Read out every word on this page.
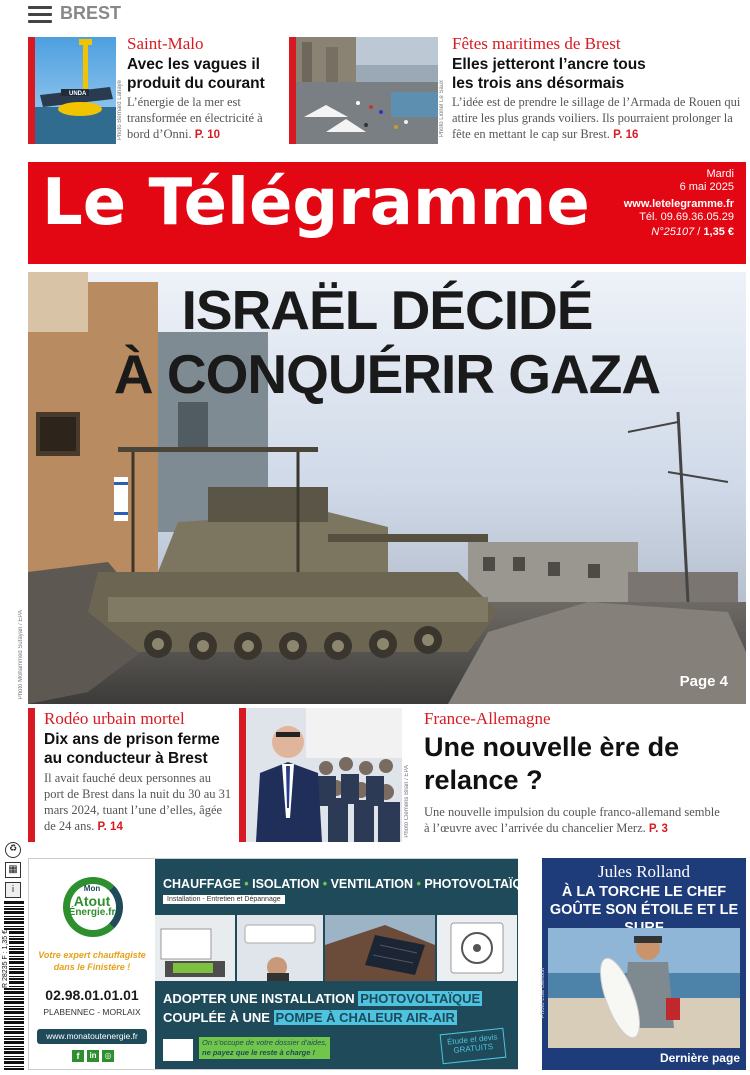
BREST
UNDA	Photo Bernard Lahaye
Saint-Malo
Avec les vagues il produit du courant
L’énergie de la mer est transformée en électricité à bord d’Onni. P. 10	Photo Lionel Le Saux
Fêtes maritimes de Brest
Elles jetteront l’ancre tous les trois ans désormais
L’idée est de prendre le sillage de l’Armada de Rouen qui attire les plus grands voiliers. Ils pourraient prolonger la fête en mettant le cap sur Brest. P. 16
Le Télégramme	Mardi
6 mai 2025
www.letelegramme.fr
Tél. 09.69.36.05.29
N°25107 / 1,35 €
ISRAËL DÉCIDÉ
À CONQUÉRIR GAZA
Page 4
Photo Mohammed Sufayan / EPA
Rodéo urbain mortel
Dix ans de prison ferme au conducteur à Brest
Il avait fauché deux personnes au port de Brest dans la nuit du 30 au 31 mars 2024, tuant l’une d’elles, âgée de 24 ans. P. 14	Photo Clemens Bilan / EPA
France-Allemagne
Une nouvelle ère de relance ?
Une nouvelle impulsion du couple franco-allemand semble à l’œuvre avec l’arrivée du chancelier Merz. P. 3
♻
▦
i
R 28235 F : 1,35 €
Mon
Atout
Énergie.fr
Votre expert chauffagiste dans le Finistère !
02.98.01.01.01
PLABENNEC - MORLAIX
www.monatoutenergie.fr
f	in ◎
CHAUFFAGE • ISOLATION • VENTILATION • PHOTOVOLTAÏQUE
Installation - Entretien et Dépannage
ADOPTER UNE INSTALLATION PHOTOVOLTAÏQUE
COUPLÉE À UNE POMPE À CHALEUR AIR-AIR
On s’occupe de votre dossier d’aides,
ne payez que le reste à charge !
Étude et devis GRATUITS
Jules Rolland
À LA TORCHE LE CHEF GOÛTE SON ÉTOILE ET LE
Photo Lise Benoist
Dernière page
